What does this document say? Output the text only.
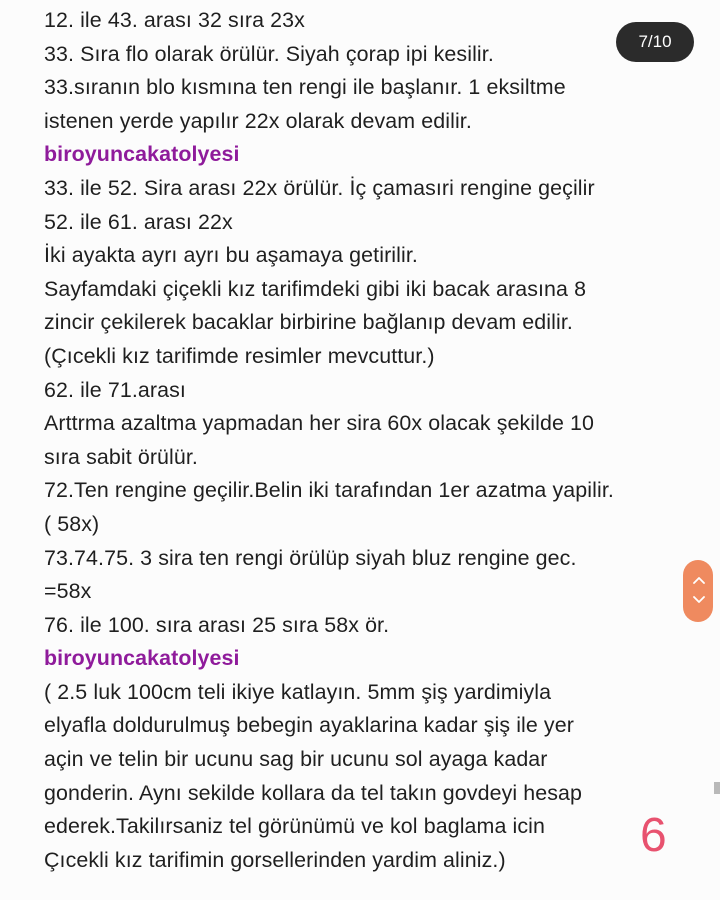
12. ile 43. arası 32 sıra 23x
33. Sıra flo olarak örülür. Siyah çorap ipi kesilir.
33.sıranın blo kısmına ten rengi ile başlanır. 1 eksiltme
istenen yerde yapılır 22x olarak devam edilir.
biroyuncakatolyesi
33. ile 52. Sira arası 22x örülür. İç çamasıri rengine geçilir
52. ile 61. arası 22x
İki ayakta ayrı ayrı bu aşamaya getirilir.
Sayfamdaki çiçekli kız tarifimdeki gibi iki bacak arasına 8
zincir çekilerek bacaklar birbirine bağlanıp devam edilir.
(Çıcekli kız tarifimde resimler mevcuttur.)
62. ile 71.arası
Arttrma azaltma yapmadan her sira 60x olacak şekilde 10
sıra sabit örülür.
72.Ten rengine geçilir.Belin iki tarafından 1er azatma yapilir.
( 58x)
73.74.75. 3 sira ten rengi örülüp siyah bluz rengine gec.
=58x
76. ile 100. sıra arası 25 sıra 58x ör.
biroyuncakatolyesi
( 2.5 luk 100cm teli ikiye katlayın. 5mm şiş yardimiyla
elyafla doldurulmuş bebegin ayaklarina kadar şiş ile yer
açin ve telin bir ucunu sag bir ucunu sol ayaga kadar
gonderin. Aynı sekilde kollara da tel takın govdeyi hesap
ederek.Takilırsaniz tel görünümü ve kol baglama icin
Çıcekli kız tarifimin gorsellerinden yardim aliniz.)
7/10
6
